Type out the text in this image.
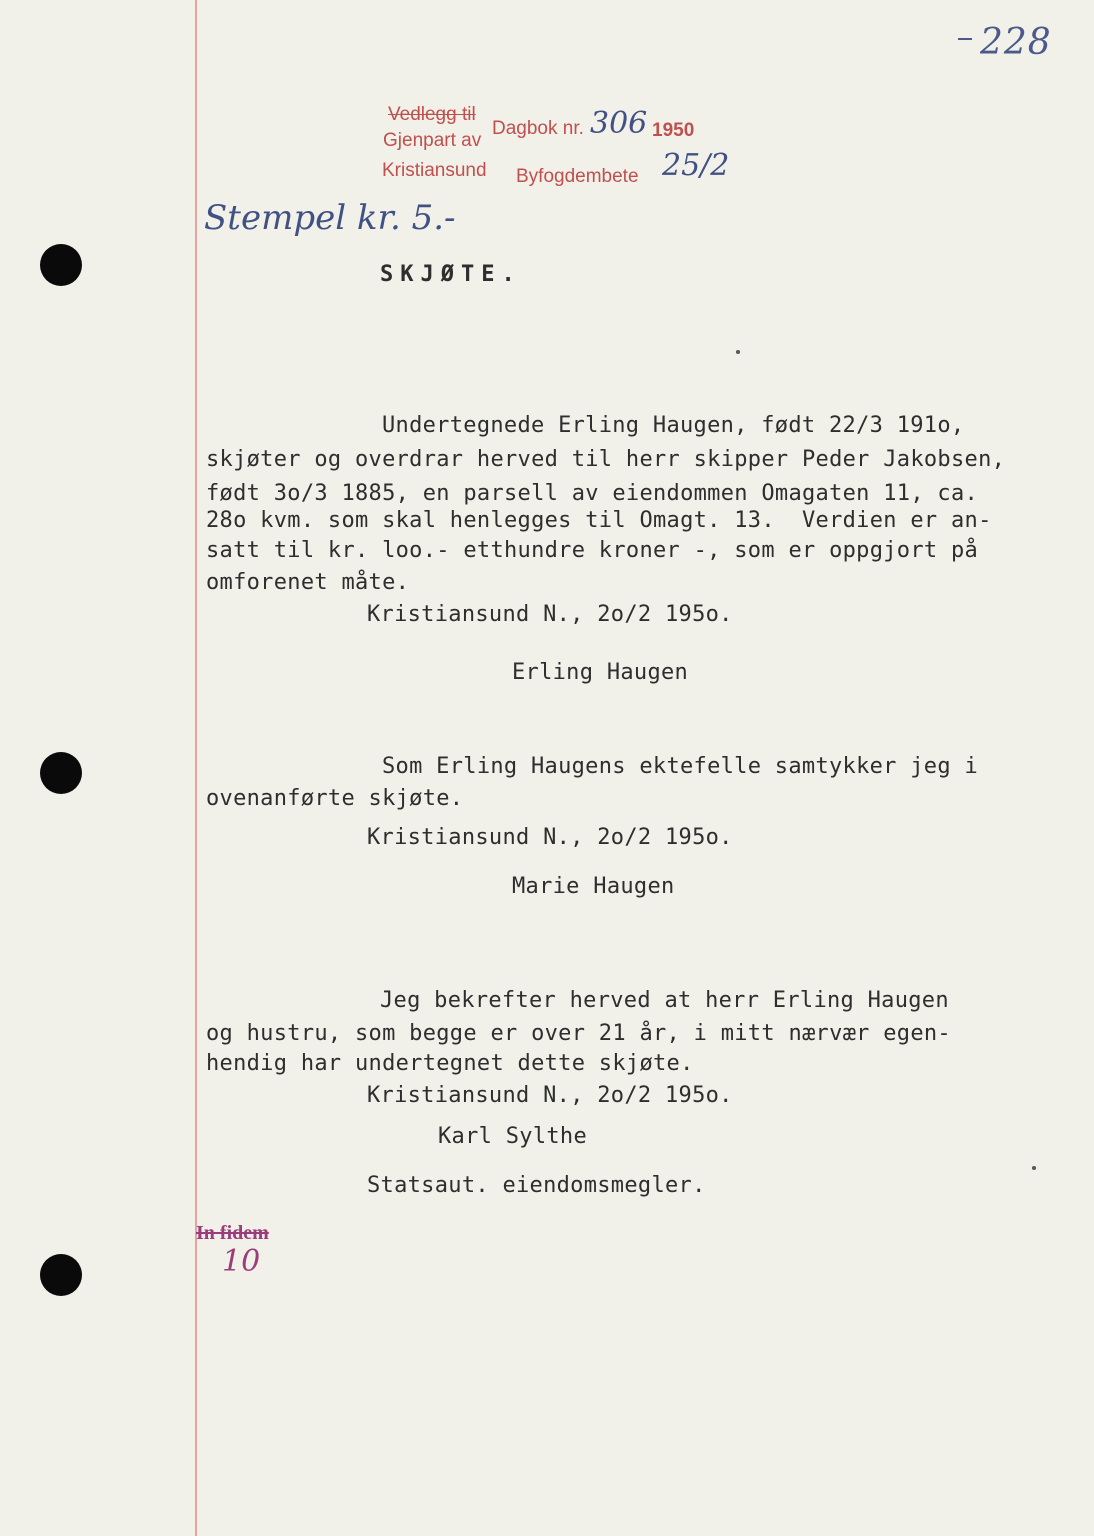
228
Vedlegg til
Gjenpart av
Dagbok nr. 306 1950
Kristiansund Byfogdembete 25/2
Stempel kr. 5.-
SKJØTE.
Undertegnede Erling Haugen, født 22/3 191o,
skjøter og overdrar herved til herr skipper Peder Jakobsen,
født 3o/3 1885, en parsell av eiendommen Omagaten 11, ca.
28o kvm. som skal henlegges til Omagt. 13.  Verdien er an-
satt til kr. loo.- etthundre kroner -, som er oppgjort på
omforenet måte.
Kristiansund N., 2o/2 195o.
Erling Haugen
Som Erling Haugens ektefelle samtykker jeg i
ovenanførte skjøte.
Kristiansund N., 2o/2 195o.
Marie Haugen
Jeg bekrefter herved at herr Erling Haugen
og hustru, som begge er over 21 år, i mitt nærvær egen-
hendig har undertegnet dette skjøte.
Kristiansund N., 2o/2 195o.
Karl Sylthe
Statsaut. eiendomsmegler.
In fidem
10
